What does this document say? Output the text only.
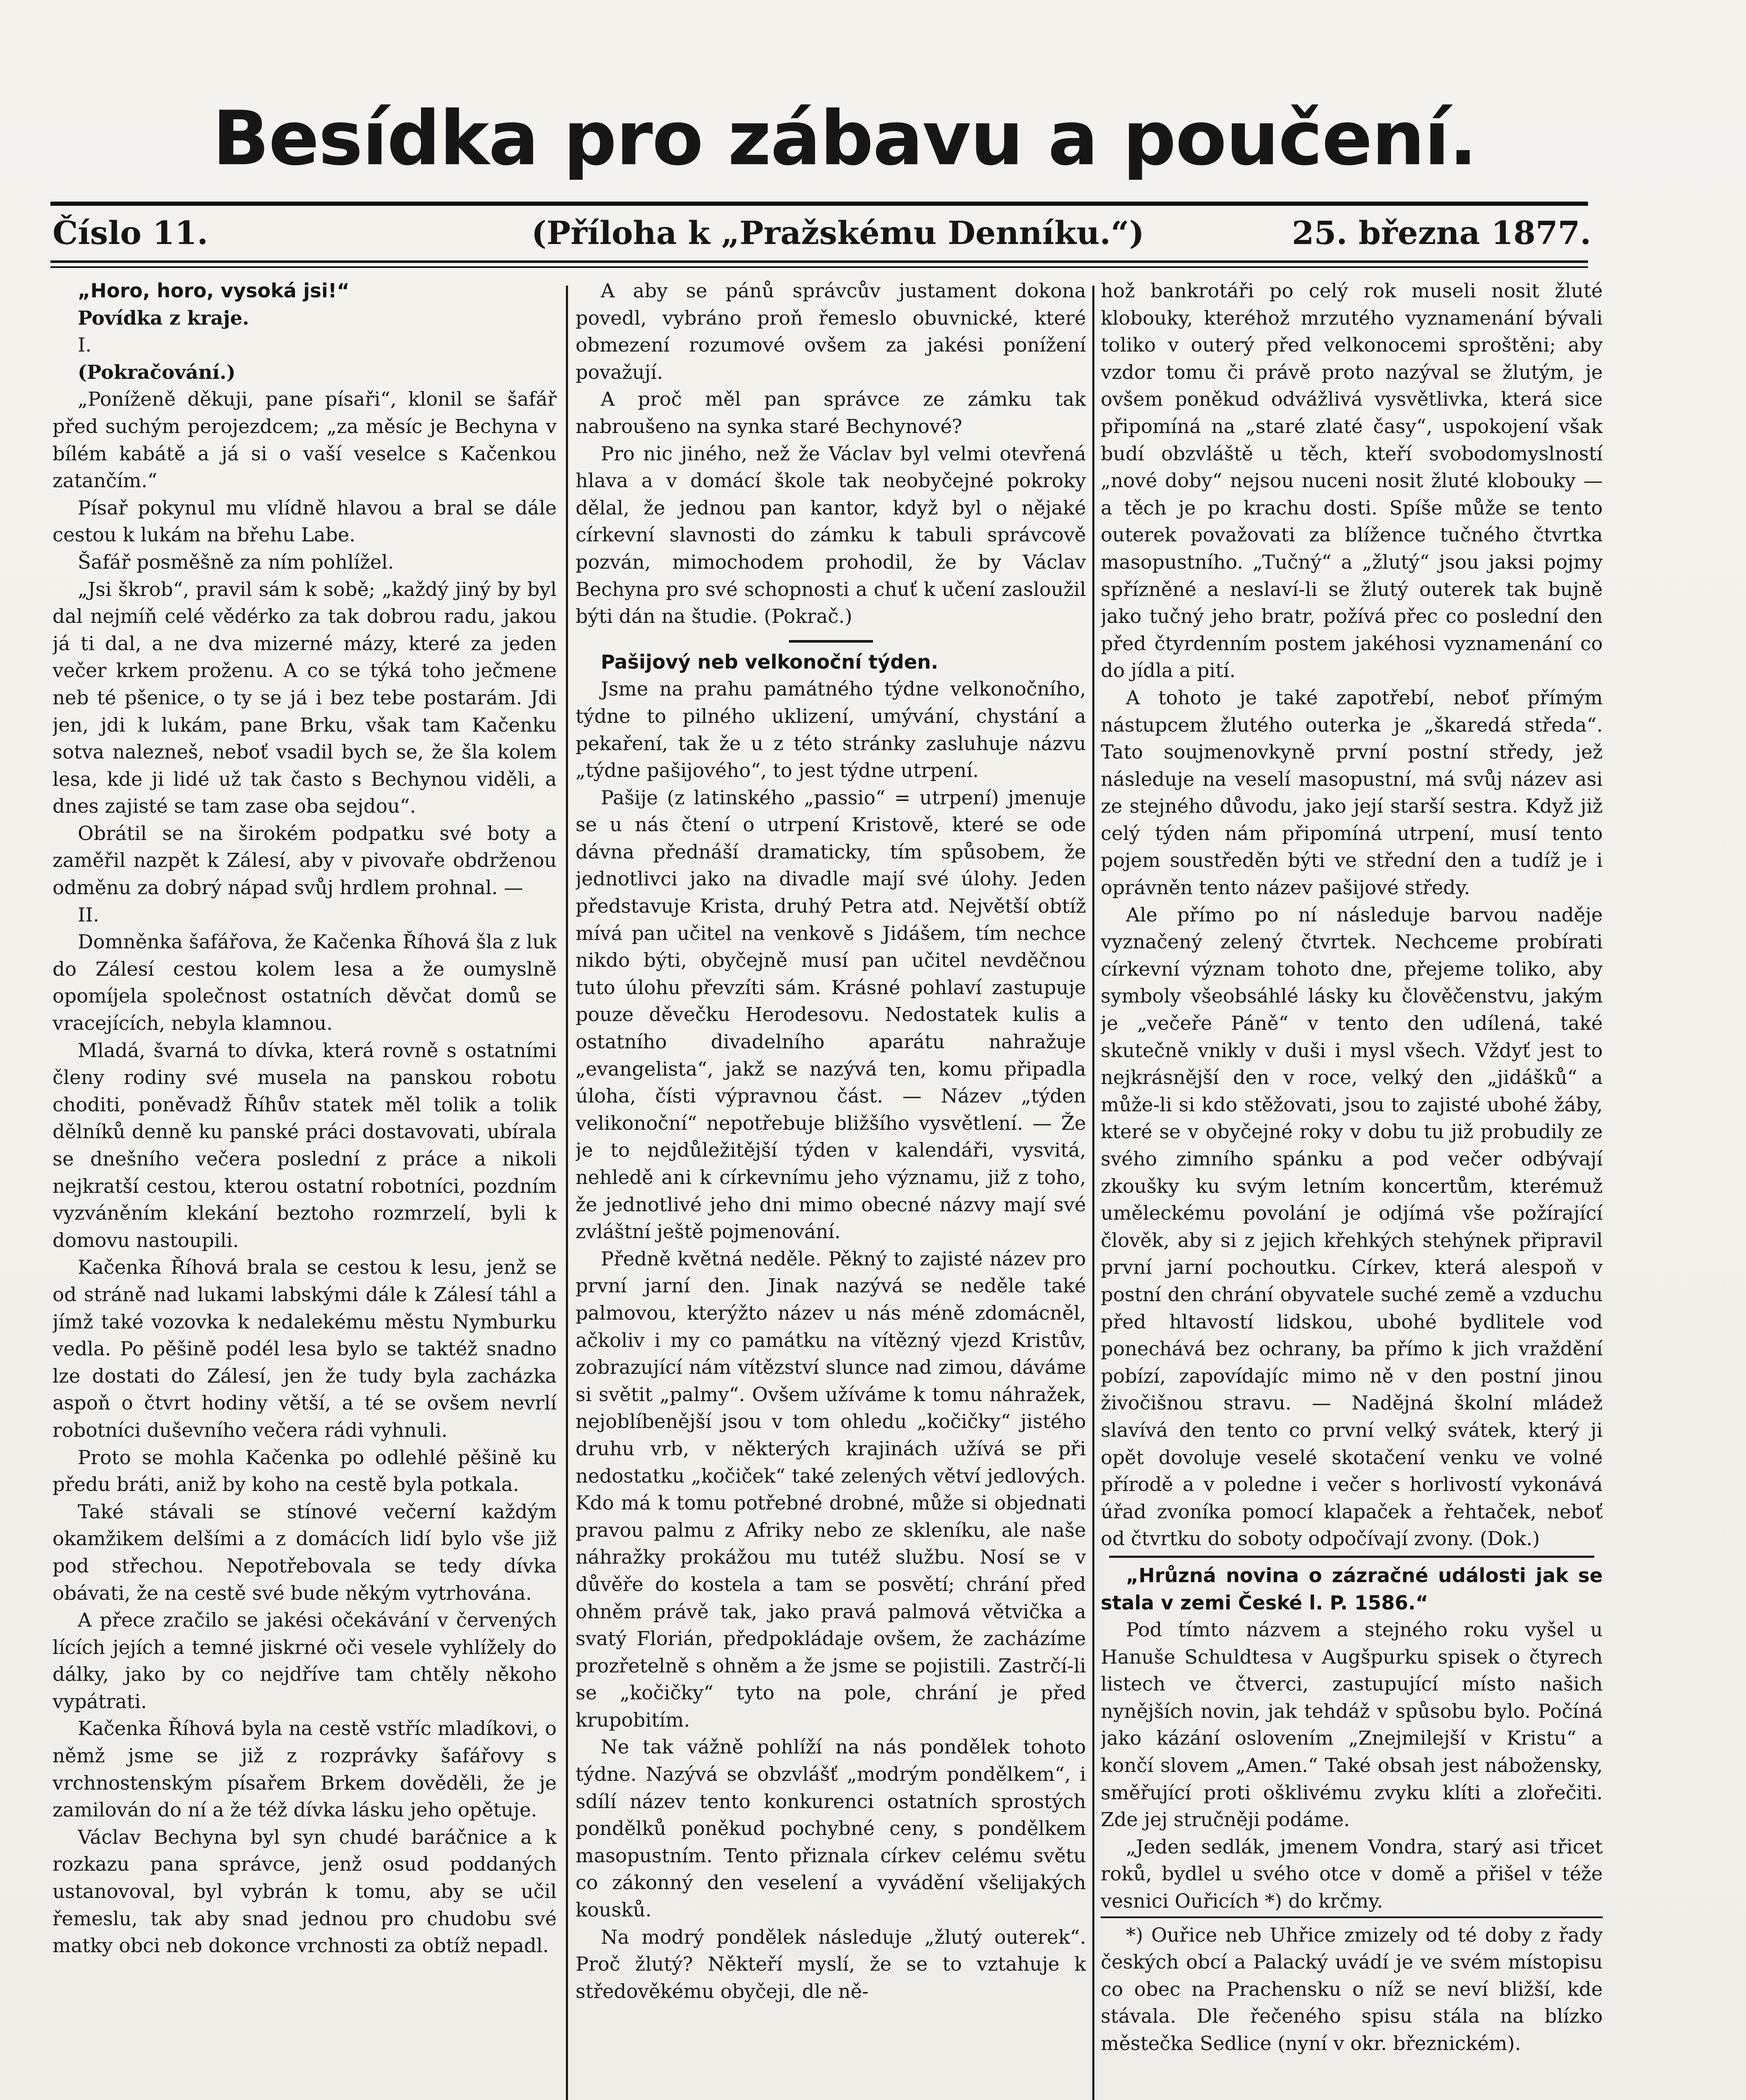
Besídka pro zábavu a poučení.
Číslo 11.	(Příloha k „Pražskému Denníku.“)	25. března 1877.

„Horo, horo, vysoká jsi!“

Povídka z kraje.

I.

(Pokračování.)

„Poníženě děkuji, pane písaři“, klonil se šafář před suchým perojezdcem; „za měsíc je Bechyna v bílém kabátě a já si o vaší veselce s Kačenkou zatančím.“

Písař pokynul mu vlídně hlavou a bral se dále cestou k lukám na břehu Labe.

Šafář posměšně za ním pohlížel.

„Jsi škrob“, pravil sám k sobě; „každý jiný by byl dal nejmíň celé vědérko za tak dobrou radu, jakou já ti dal, a ne dva mizerné mázy, které za jeden večer krkem proženu. A co se týká toho ječmene neb té pšenice, o ty se já i bez tebe postarám. Jdi jen, jdi k lukám, pane Brku, však tam Kačenku sotva nalezneš, neboť vsadil bych se, že šla kolem lesa, kde ji lidé už tak často s Bechynou viděli, a dnes zajisté se tam zase oba sejdou“.

Obrátil se na širokém podpatku své boty a zaměřil nazpět k Zálesí, aby v pivovaře obdrženou odměnu za dobrý nápad svůj hrdlem prohnal. —

II.

Domněnka šafářova, že Kačenka Říhová šla z luk do Zálesí cestou kolem lesa a že oumyslně opomíjela společnost ostatních děvčat domů se vracejících, nebyla klamnou.

Mladá, švarná to dívka, která rovně s ostatními členy rodiny své musela na panskou robotu choditi, poněvadž Říhův statek měl tolik a tolik dělníků denně ku panské práci dostavovati, ubírala se dnešního večera poslední z práce a nikoli nejkratší cestou, kterou ostatní robotníci, pozdním vyzváněním klekání beztoho rozmrzelí, byli k domovu nastoupili.

Kačenka Říhová brala se cestou k lesu, jenž se od stráně nad lukami labskými dále k Zálesí táhl a jímž také vozovka k nedalekému městu Nymburku vedla. Po pěšině podél lesa bylo se taktéž snadno lze dostati do Zálesí, jen že tudy byla zacházka aspoň o čtvrt hodiny větší, a té se ovšem nevrlí robotníci duševního večera rádi vyhnuli.

Proto se mohla Kačenka po odlehlé pěšině ku předu bráti, aniž by koho na cestě byla potkala.

Také stávali se stínové večerní každým okamžikem delšími a z domácích lidí bylo vše již pod střechou. Nepotřebovala se tedy dívka obávati, že na cestě své bude někým vytrhována.

A přece zračilo se jakési očekávání v červených lících jejích a temné jiskrné oči vesele vyhlížely do dálky, jako by co nejdříve tam chtěly někoho vypátrati.

Kačenka Říhová byla na cestě vstříc mladíkovi, o němž jsme se již z rozprávky šafářovy s vrchnostenským písařem Brkem dověděli, že je zamilován do ní a že též dívka lásku jeho opětuje.

Václav Bechyna byl syn chudé baráčnice a k rozkazu pana správce, jenž osud poddaných ustanovoval, byl vybrán k tomu, aby se učil řemeslu, tak aby snad jednou pro chudobu své matky obci neb dokonce vrchnosti za obtíž nepadl.

A aby se pánů správcův justament dokona povedl, vybráno proň řemeslo obuvnické, které obmezení rozumové ovšem za jakési ponížení považují.

A proč měl pan správce ze zámku tak nabroušeno na synka staré Bechynové?

Pro nic jiného, než že Václav byl velmi otevřená hlava a v domácí škole tak neobyčejné pokroky dělal, že jednou pan kantor, když byl o nějaké církevní slavnosti do zámku k tabuli správcově pozván, mimochodem prohodil, že by Václav Bechyna pro své schopnosti a chuť k učení zasloužil býti dán na študie. (Pokrač.)

Pašijový neb velkonoční týden.

Jsme na prahu památného týdne velkonočního, týdne to pilného uklizení, umývání, chystání a pekaření, tak že u z této stránky zasluhuje názvu „týdne pašijového“, to jest týdne utrpení.

Pašije (z latinského „passio“ = utrpení) jmenuje se u nás čtení o utrpení Kristově, které se ode dávna přednáší dramaticky, tím spůsobem, že jednotlivci jako na divadle mají své úlohy. Jeden představuje Krista, druhý Petra atd. Největší obtíž mívá pan učitel na venkově s Jidášem, tím nechce nikdo býti, obyčejně musí pan učitel nevděčnou tuto úlohu převzíti sám. Krásné pohlaví zastupuje pouze děvečku Herodesovu. Nedostatek kulis a ostatního divadelního aparátu nahražuje „evangelista“, jakž se nazývá ten, komu připadla úloha, čísti výpravnou část. — Název „týden velikonoční“ nepotřebuje bližšího vysvětlení. — Že je to nejdůležitější týden v kalendáři, vysvitá, nehledě ani k církevnímu jeho významu, již z toho, že jednotlivé jeho dni mimo obecné názvy mají své zvláštní ještě pojmenování.

Předně květná neděle. Pěkný to zajisté název pro první jarní den. Jinak nazývá se neděle také palmovou, kterýžto název u nás méně zdomácněl, ačkoliv i my co památku na vítězný vjezd Kristův, zobrazující nám vítězství slunce nad zimou, dáváme si světit „palmy“. Ovšem užíváme k tomu náhražek, nejoblíbenější jsou v tom ohledu „kočičky“ jistého druhu vrb, v některých krajinách užívá se při nedostatku „kočiček“ také zelených větví jedlových. Kdo má k tomu potřebné drobné, může si objednati pravou palmu z Afriky nebo ze skleníku, ale naše náhražky prokážou mu tutéž službu. Nosí se v důvěře do kostela a tam se posvětí; chrání před ohněm právě tak, jako pravá palmová větvička a svatý Florián, předpokládaje ovšem, že zacházíme prozřetelně s ohněm a že jsme se pojistili. Zastrčí-li se „kočičky“ tyto na pole, chrání je před krupobitím.

Ne tak vážně pohlíží na nás pondělek tohoto týdne. Nazývá se obzvlášť „modrým pondělkem“, i sdílí název tento konkurenci ostatních sprostých pondělků poněkud pochybné ceny, s pondělkem masopustním. Tento přiznala církev celému světu co zákonný den veselení a vyvádění všelijakých kousků.

Na modrý pondělek následuje „žlutý outerek“. Proč žlutý? Někteří myslí, že se to vztahuje k středověkému obyčeji, dle ně-

hož bankrotáři po celý rok museli nosit žluté klobouky, kteréhož mrzutého vyznamenání bývali tolikо v outerý před velkonocemi sproštěni; aby vzdor tomu či právě proto nazýval se žlutým, je ovšem poněkud odvážlivá vysvětlivka, která sice připomíná na „staré zlaté časy“, uspokojení však budí obzvláště u těch, kteří svobodomyslností „nové doby“ nejsou nuceni nosit žluté klobouky — a těch je po krachu dosti. Spíše může se tento outerek považovati za blížence tučného čtvrtka masopustního. „Tučný“ a „žlutý“ jsou jaksi pojmy spřízněné a neslaví-li se žlutý outerek tak bujně jako tučný jeho bratr, požívá přec co poslední den před čtyrdenním postem jakéhosi vyznamenání co do jídla a pití.

A tohoto je také zapotřebí, neboť přímým nástupcem žlutého outerka je „škaredá středa“. Tato soujmenovkyně první postní středy, jež následuje na veselí masopustní, má svůj název asi ze stejného důvodu, jako její starší sestra. Když již celý týden nám připomíná utrpení, musí tento pojem soustředěn býti ve střední den a tudíž je i oprávněn tento název pašijové středy.

Ale přímo po ní následuje barvou naděje vyznačený zelený čtvrtek. Nechceme probírati církevní význam tohoto dne, přejeme toliko, aby symboly všeobsáhlé lásky ku člověčenstvu, jakým je „večeře Páně“ v tento den udílená, také skutečně vnikly v duši i mysl všech. Vždyť jest to nejkrásnější den v roce, velký den „jidášků“ a může-li si kdo stěžovati, jsou to zajisté ubohé žáby, které se v obyčejné roky v dobu tu již probudily ze svého zimního spánku a pod večer odbývají zkoušky ku svým letním koncertům, kterémuž uměleckému povolání je odjímá vše požírající člověk, aby si z jejich křehkých stehýnek připravil první jarní pochoutku. Církev, která alespoň v postní den chrání obyvatele suché země a vzduchu před hltavostí lidskou, ubohé bydlitele vod ponechává bez ochrany, ba přímo k jich vraždění pobízí, zapovídajíc mimo ně v den postní jinou živočišnou stravu. — Nadějná školní mládež slavívá den tento co první velký svátek, který ji opět dovoluje veselé skotačení venku ve volné přírodě a v poledne i večer s horlivostí vykonává úřad zvoníka pomocí klapaček a řehtaček, neboť od čtvrtku do soboty odpočívají zvony. (Dok.)

„Hrůzná novina o zázračné události jak se stala v zemi České l. P. 1586.“

Pod tímto názvem a stejného roku vyšel u Hanuše Schuldtesa v Augšpurku spisek o čtyrech listech ve čtverci, zastupující místo našich nynějších novin, jak tehdáž v spůsobu bylo. Počíná jako kázání oslovením „Znejmilejší v Kristu“ a končí slovem „Amen.“ Také obsah jest nábožensky, směřující proti ošklivému zvyku klíti a zlořečiti. Zde jej stručněji podáme.

„Jeden sedlák, jmenem Vondra, starý asi třicet roků, bydlel u svého otce v domě a přišel v téže vesnici Ouřicích *) do krčmy.

*) Ouřice neb Uhřice zmizely od té doby z řady českých obcí a Palacký uvádí je ve svém místopisu co obec na Prachensku o níž se neví bližší, kde stávala. Dle řečeného spisu stála na blízko městečka Sedlice (nyní v okr. březnickém).
